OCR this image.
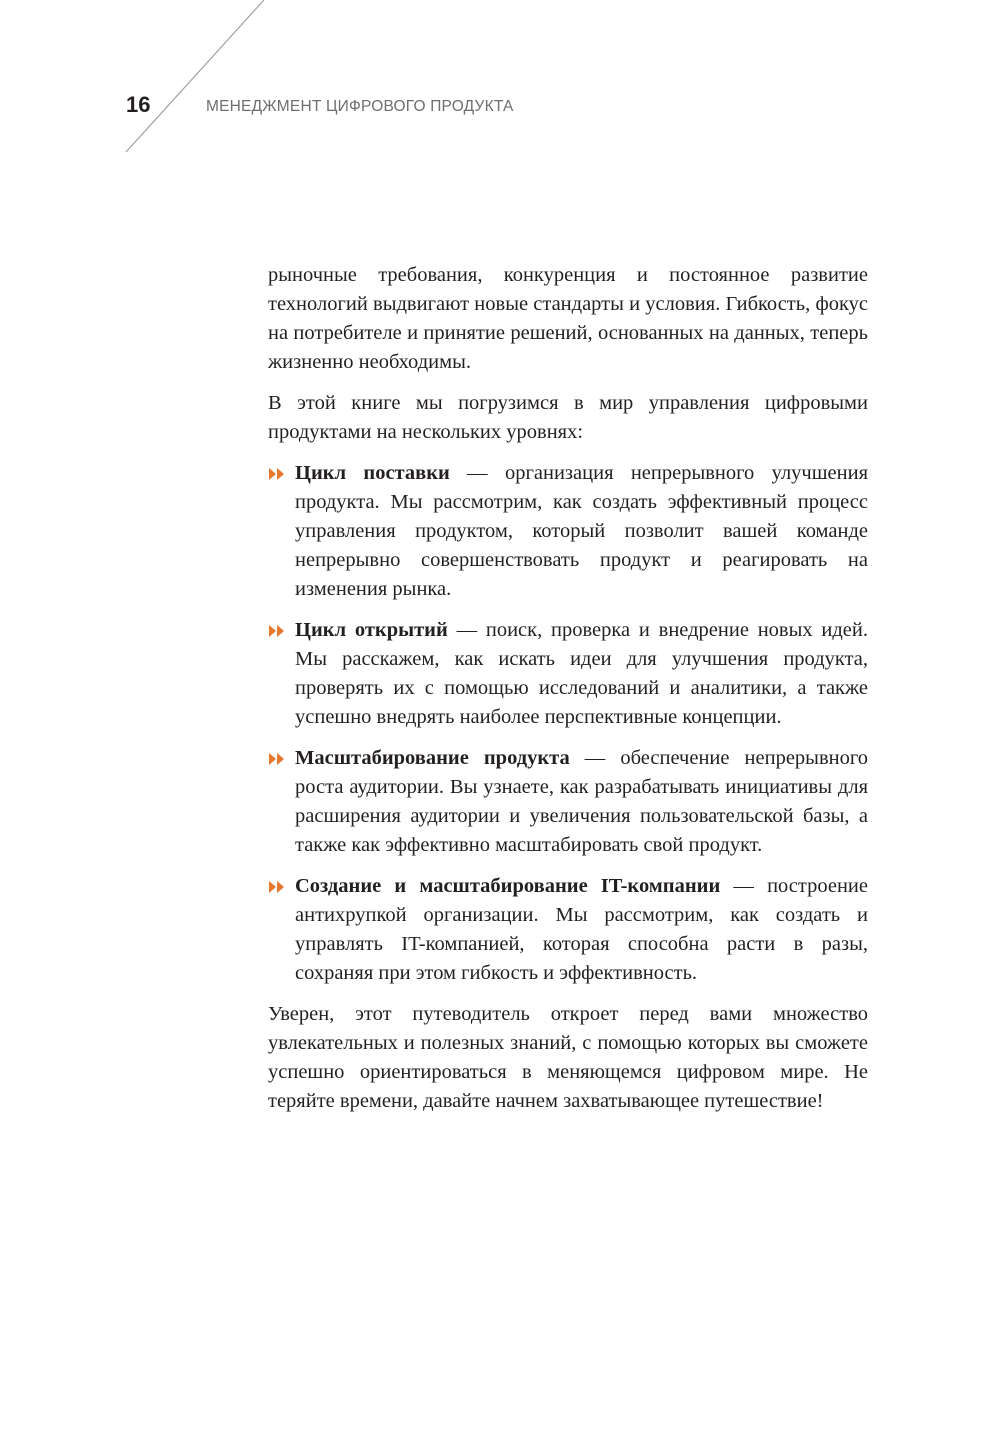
16	МЕНЕДЖМЕНТ ЦИФРОВОГО ПРОДУКТА

рыночные требования, конкуренция и постоянное развитие технологий выдвигают новые стандарты и условия. Гибкость, фокус на потребителе и принятие решений, основанных на данных, теперь жизненно необходимы.

В этой книге мы погрузимся в мир управления цифровыми продуктами на нескольких уровнях:

Цикл поставки — организация непрерывного улучшения продукта. Мы рассмотрим, как создать эффективный процесс управления продуктом, который позволит вашей команде непрерывно совершенствовать продукт и реагировать на изменения рынка.
Цикл открытий — поиск, проверка и внедрение новых идей. Мы расскажем, как искать идеи для улучшения продукта, проверять их с помощью исследований и аналитики, а также успешно внедрять наиболее перспективные концепции.
Масштабирование продукта — обеспечение непрерывного роста аудитории. Вы узнаете, как разрабатывать инициативы для расширения аудитории и увеличения пользовательской базы, а также как эффективно масштабировать свой продукт.
Создание и масштабирование IT-компании — построение антихрупкой организации. Мы рассмотрим, как создать и управлять IT-компанией, которая способна расти в разы, сохраняя при этом гибкость и эффективность.

Уверен, этот путеводитель откроет перед вами множество увлекательных и полезных знаний, с помощью которых вы сможете успешно ориентироваться в меняющемся цифровом мире. Не теряйте времени, давайте начнем захватывающее путешествие!
